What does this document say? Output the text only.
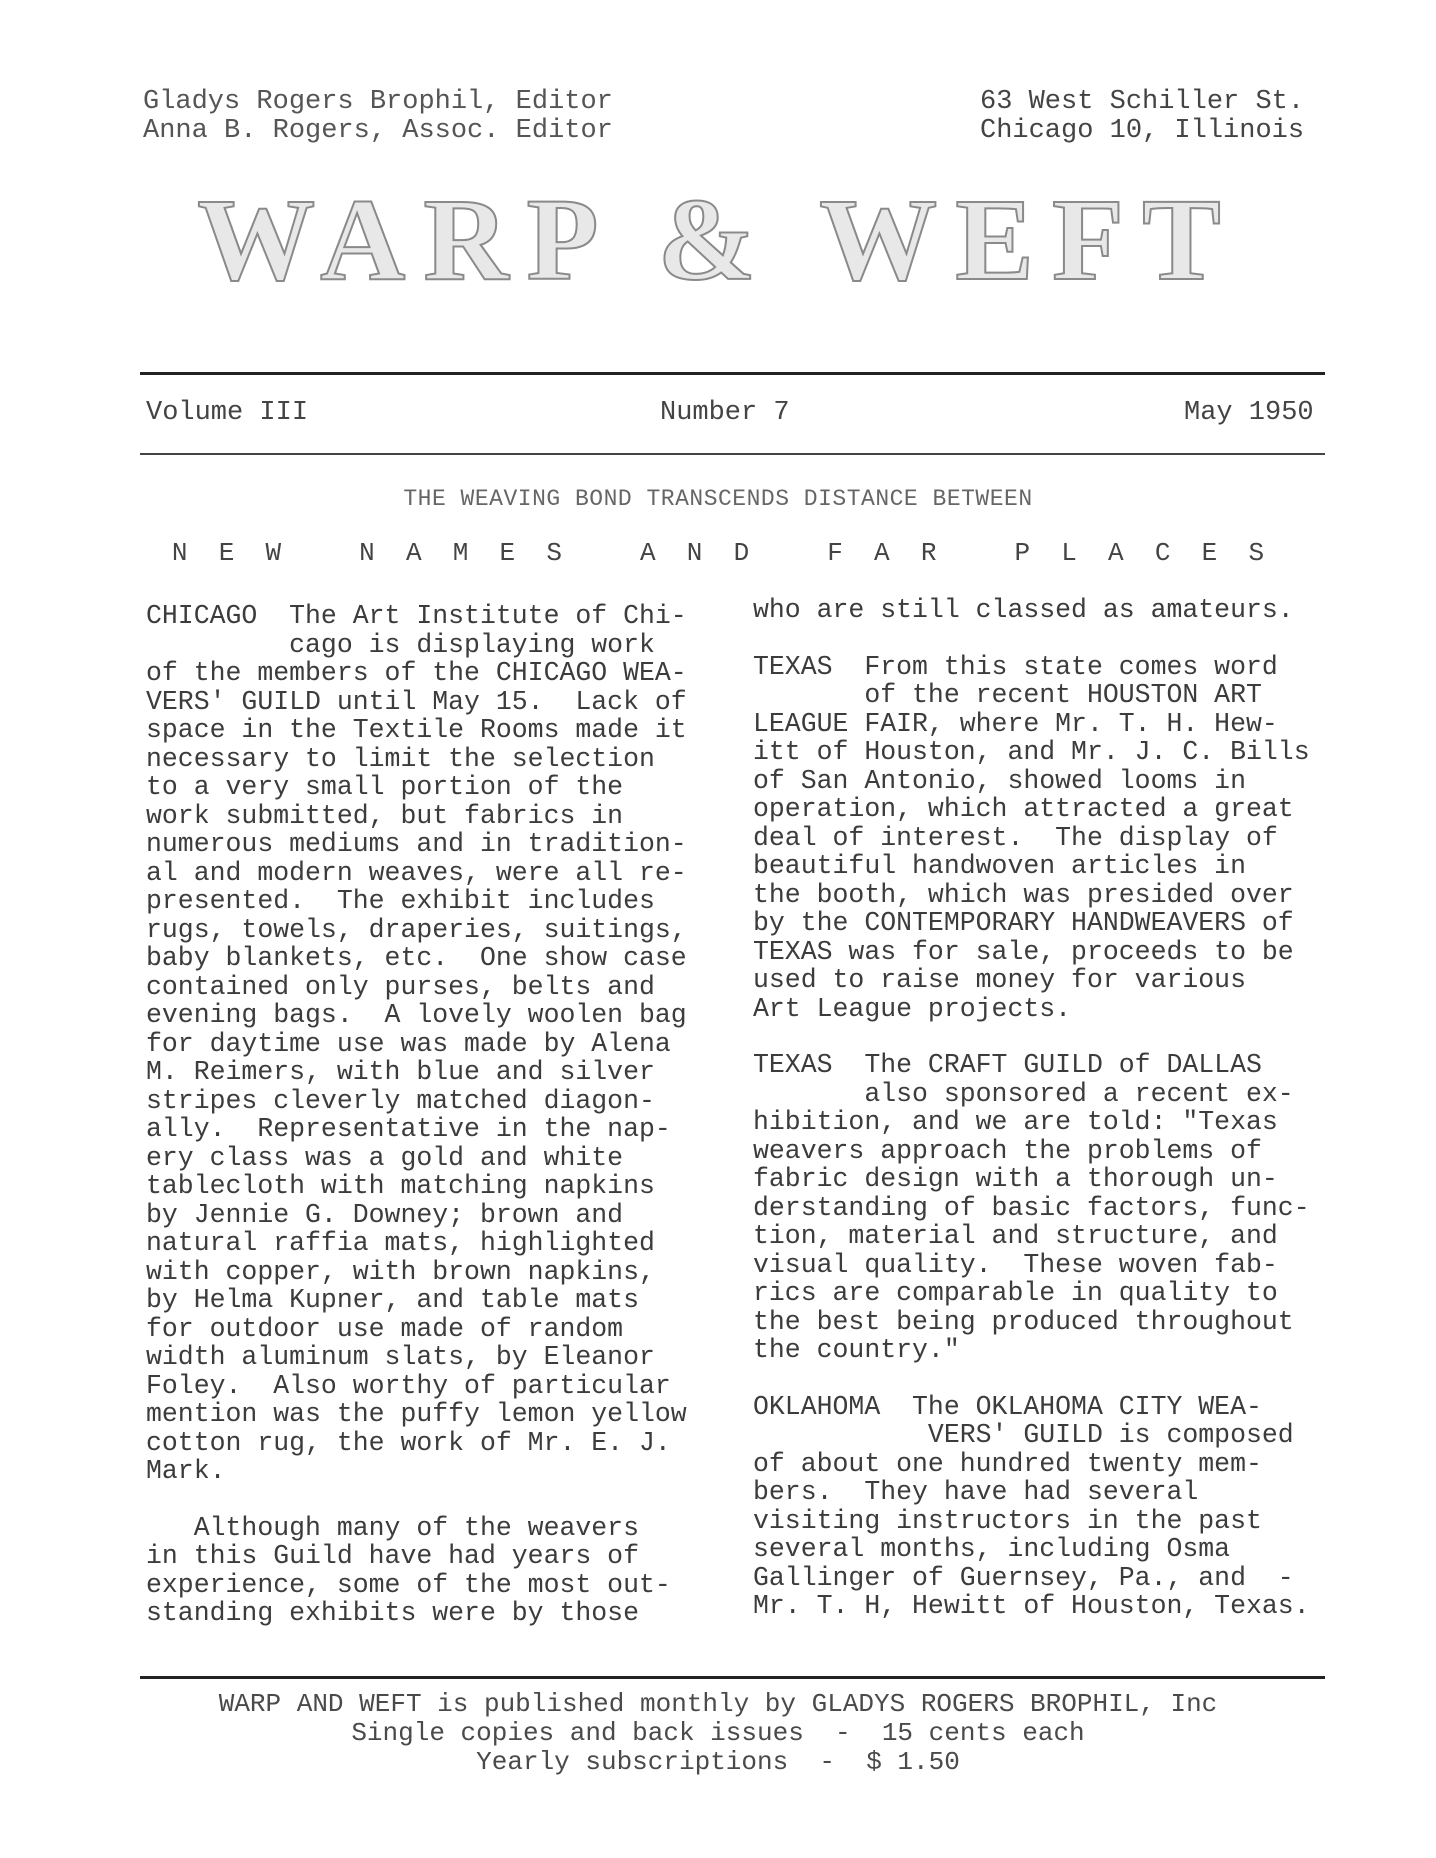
Gladys Rogers Brophil, Editor
Anna B. Rogers, Assoc. Editor
63 West Schiller St.
Chicago 10, Illinois
WARP & WEFT
Volume III	Number 7	May 1950
THE WEAVING BOND TRANSCENDS DISTANCE BETWEEN
N  E  W     N  A  M  E  S     A  N  D     F  A  R     P  L  A  C  E  S
CHICAGO  The Art Institute of Chi-
cago is displaying work
of the members of the CHICAGO WEA-
VERS' GUILD until May 15.  Lack of
space in the Textile Rooms made it
necessary to limit the selection
to a very small portion of the
work submitted, but fabrics in
numerous mediums and in tradition-
al and modern weaves, were all re-
presented.  The exhibit includes
rugs, towels, draperies, suitings,
baby blankets, etc.  One show case
contained only purses, belts and
evening bags.  A lovely woolen bag
for daytime use was made by Alena
M. Reimers, with blue and silver
stripes cleverly matched diagon-
ally.  Representative in the nap-
ery class was a gold and white
tablecloth with matching napkins
by Jennie G. Downey; brown and
natural raffia mats, highlighted
with copper, with brown napkins,
by Helma Kupner, and table mats
for outdoor use made of random
width aluminum slats, by Eleanor
Foley.  Also worthy of particular
mention was the puffy lemon yellow
cotton rug, the work of Mr. E. J.
Mark.
Although many of the weavers
in this Guild have had years of
experience, some of the most out-
standing exhibits were by those
who are still classed as amateurs.
TEXAS  From this state comes word
of the recent HOUSTON ART
LEAGUE FAIR, where Mr. T. H. Hew-
itt of Houston, and Mr. J. C. Bills
of San Antonio, showed looms in
operation, which attracted a great
deal of interest.  The display of
beautiful handwoven articles in
the booth, which was presided over
by the CONTEMPORARY HANDWEAVERS of
TEXAS was for sale, proceeds to be
used to raise money for various
Art League projects.
TEXAS  The CRAFT GUILD of DALLAS
also sponsored a recent ex-
hibition, and we are told: "Texas
weavers approach the problems of
fabric design with a thorough un-
derstanding of basic factors, func-
tion, material and structure, and
visual quality.  These woven fab-
rics are comparable in quality to
the best being produced throughout
the country."
OKLAHOMA  The OKLAHOMA CITY WEA-
VERS' GUILD is composed
of about one hundred twenty mem-
bers.  They have had several
visiting instructors in the past
several months, including Osma
Gallinger of Guernsey, Pa., and  -
Mr. T. H, Hewitt of Houston, Texas.
WARP AND WEFT is published monthly by GLADYS ROGERS BROPHIL, Inc
Single copies and back issues  -  15 cents each
Yearly subscriptions  -  $ 1.50
